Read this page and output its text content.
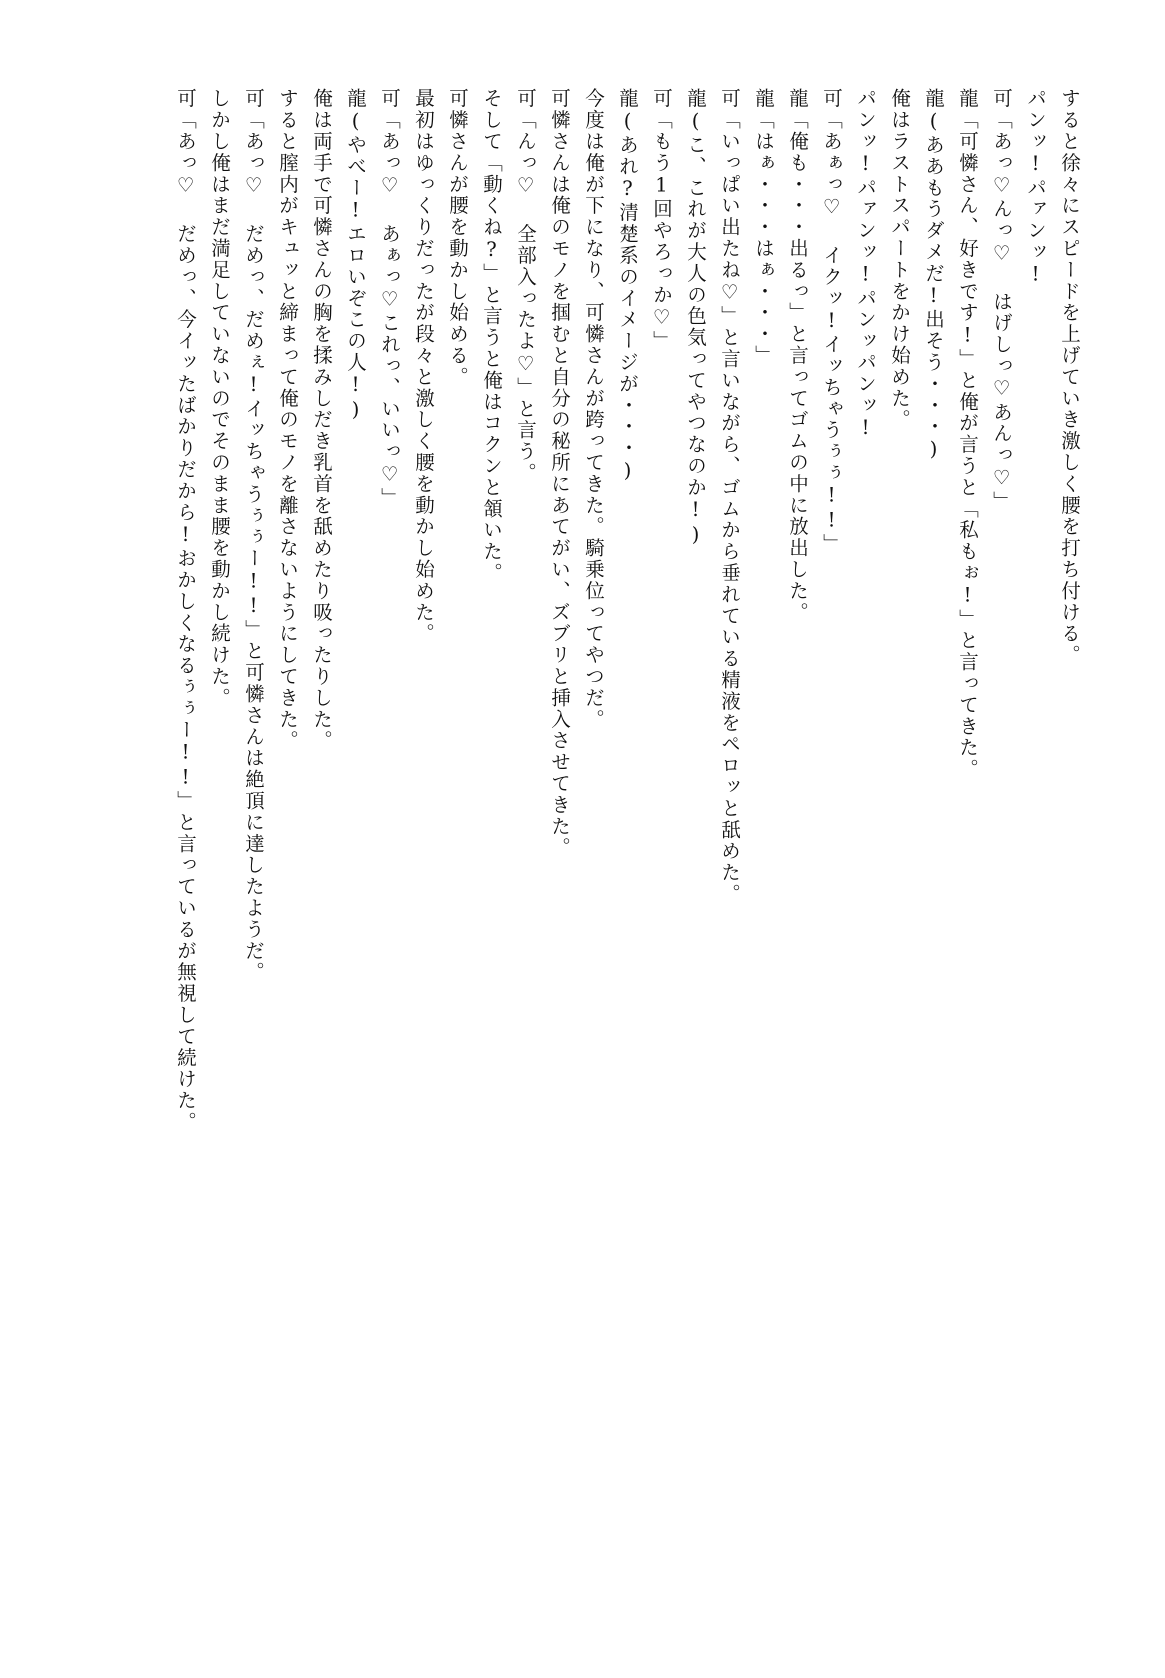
すると徐々にスピードを上げていき激しく腰を打ち付ける。
パンッ!パァンッ!
可「あっ♡んっ♡ はげしっ♡あんっ♡」
龍「可憐さん、好きです!」と俺が言うと「私もぉ!」と言ってきた。
龍(ああもうダメだ!出そう・・・)
俺はラストスパートをかけ始めた。
パンッ!パァンッ!パンッパンッ!
可「あぁっ♡ イクッ!イッちゃうぅぅ!!」
龍「俺も・・・出るっ」と言ってゴムの中に放出した。
龍「はぁ・・・はぁ・・・」
可「いっぱい出たね♡」と言いながら、ゴムから垂れている精液をペロッと舐めた。
龍(こ、これが大人の色気ってやつなのか!)
可「もう1回やろっか♡」
龍(あれ?清楚系のイメージが・・・)
今度は俺が下になり、可憐さんが跨ってきた。騎乗位ってやつだ。
可憐さんは俺のモノを掴むと自分の秘所にあてがい、ズブリと挿入させてきた。
可「んっ♡ 全部入ったよ♡」と言う。
そして「動くね?」と言うと俺はコクンと頷いた。
可憐さんが腰を動かし始める。
最初はゆっくりだったが段々と激しく腰を動かし始めた。
可「あっ♡ あぁっ♡これっ、いいっ♡」
龍(やべー!エロいぞこの人!)
俺は両手で可憐さんの胸を揉みしだき乳首を舐めたり吸ったりした。
すると膣内がキュッと締まって俺のモノを離さないようにしてきた。
可「あっ♡ だめっ、だめぇ!イッちゃうぅぅー!!」と可憐さんは絶頂に達したようだ。
しかし俺はまだ満足していないのでそのまま腰を動かし続けた。
可「あっ♡ だめっ、今イッたばかりだから!おかしくなるぅぅー!!」と言っているが無視して続けた。
